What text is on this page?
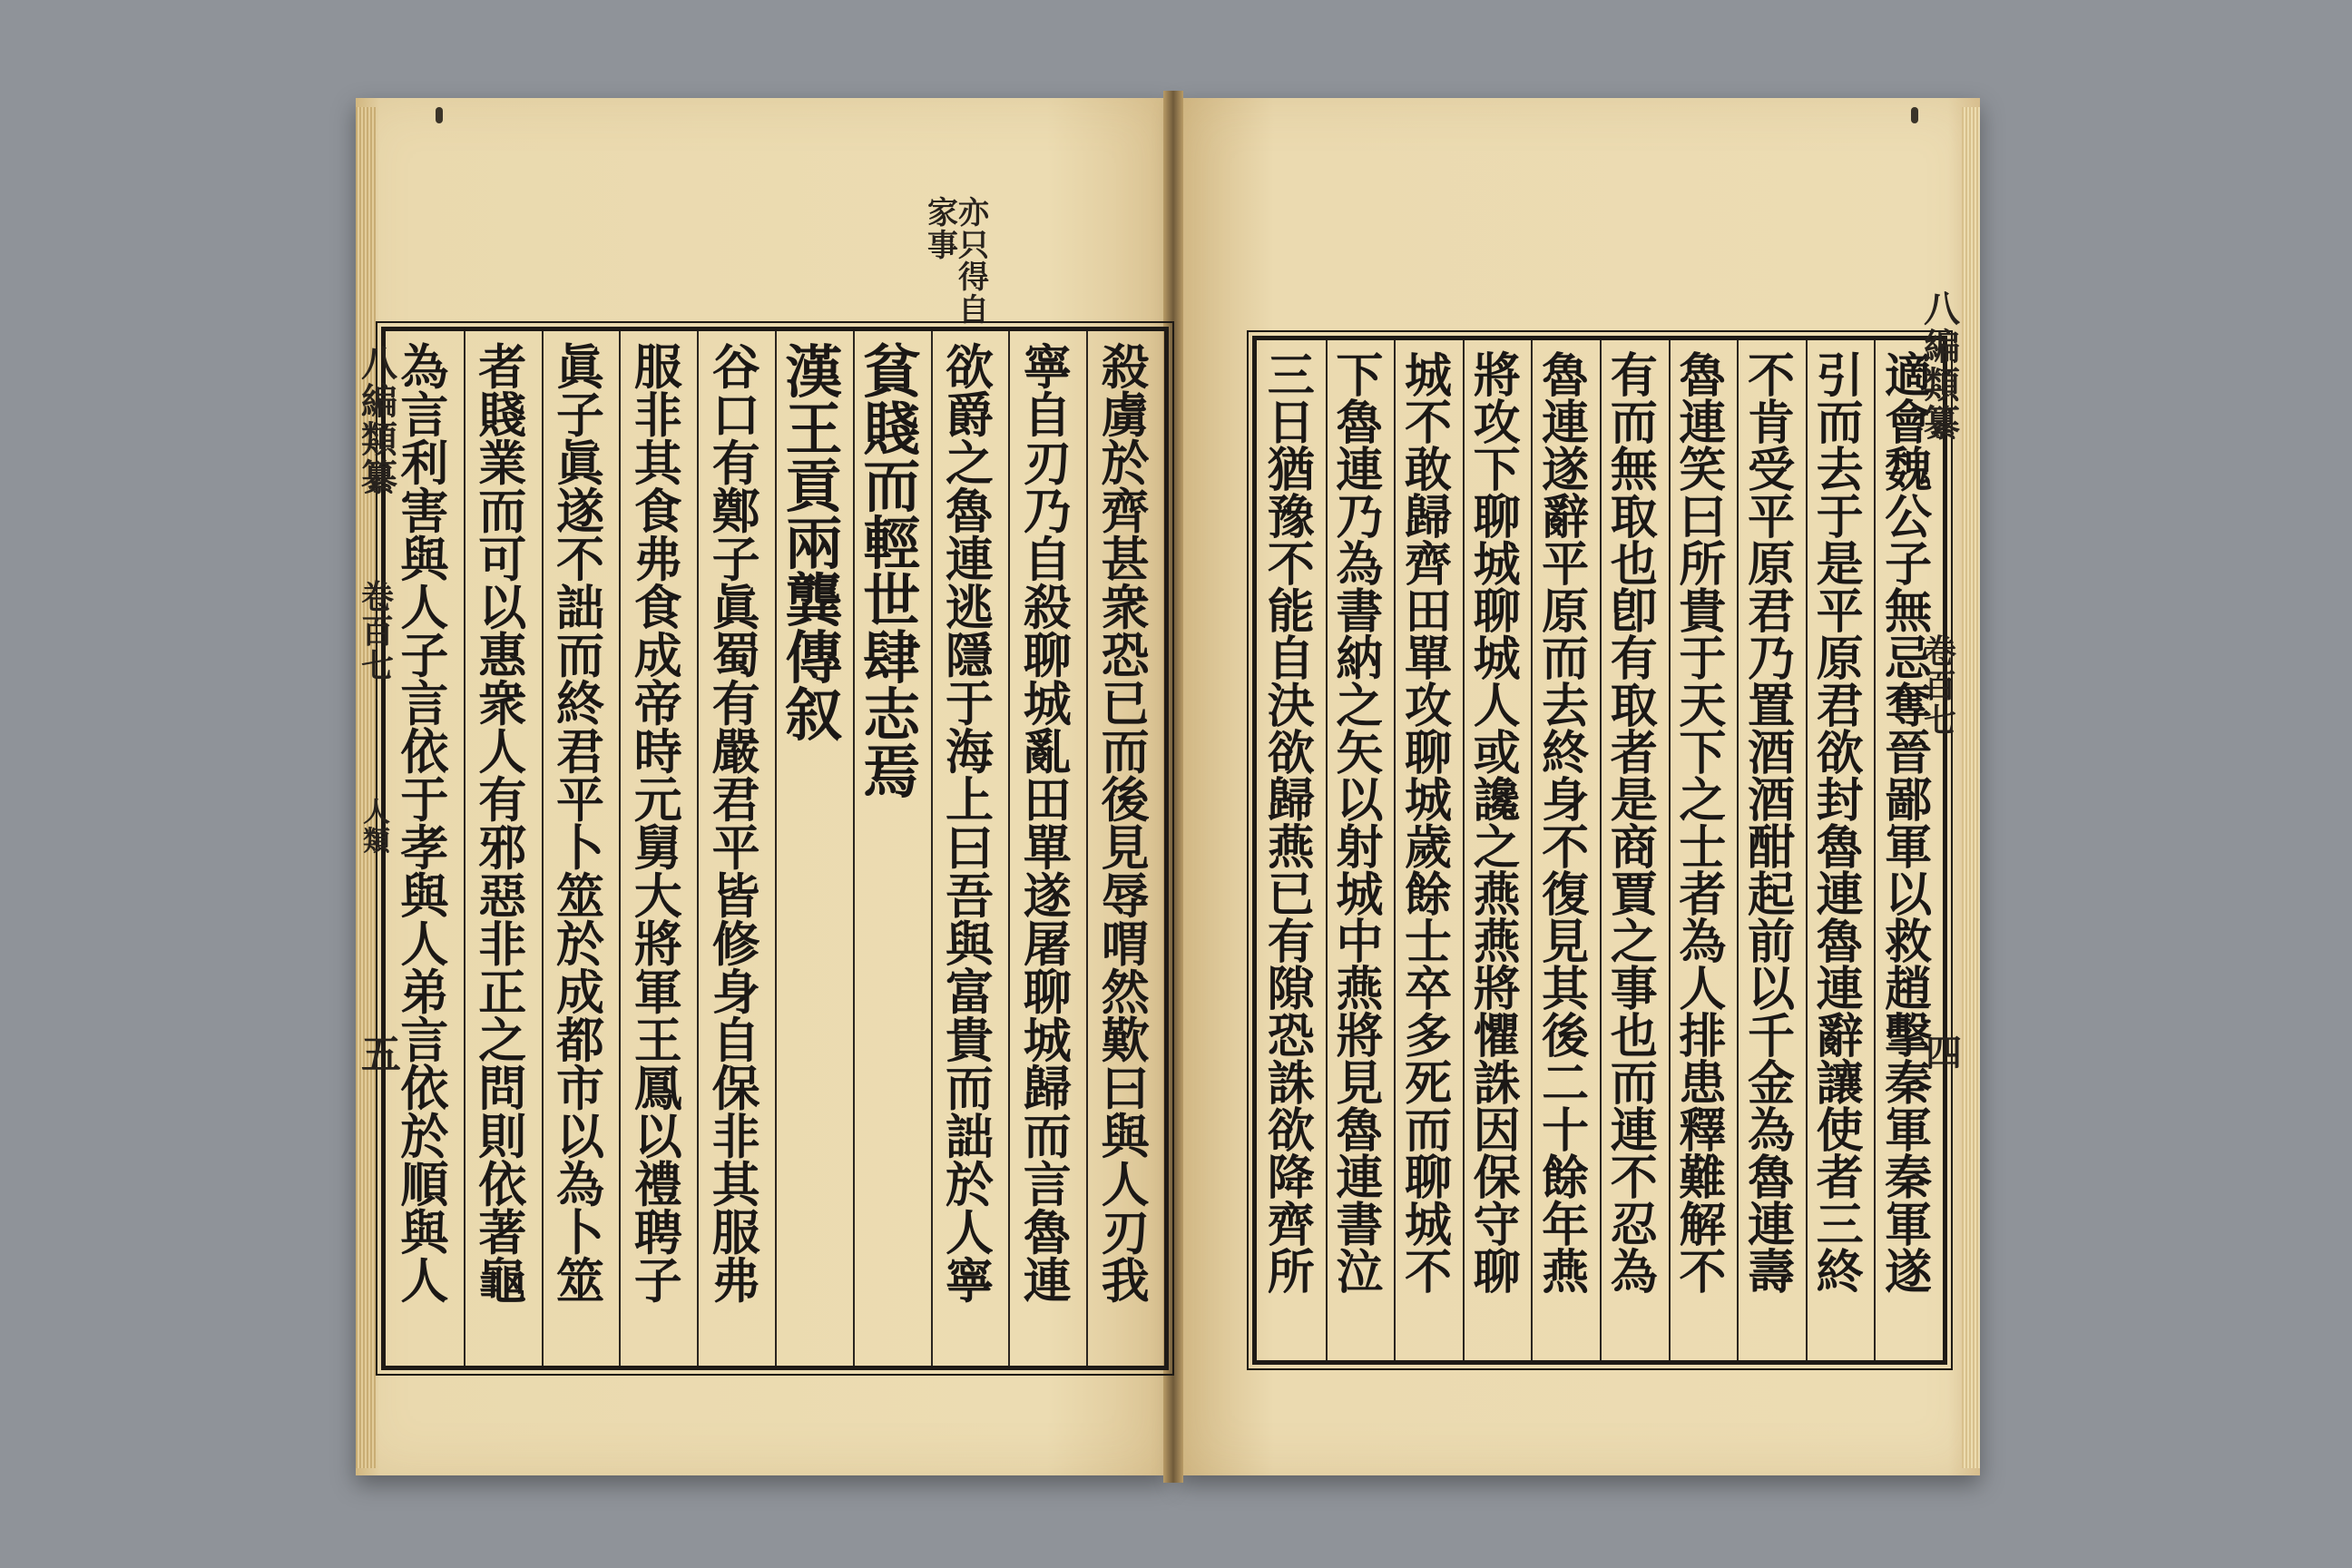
亦
只
得
自
家
事
殺
虜
於
齊
甚
衆
恐
已
而
後
見
辱
喟
然
歎
曰
與
人
刃
我
寧
自
刃
乃
自
殺
聊
城
亂
田
單
遂
屠
聊
城
歸
而
言
魯
連
欲
爵
之
魯
連
逃
隱
于
海
上
曰
吾
與
富
貴
而
詘
於
人
寧
貧
賤
而
輕
世
肆
志
焉
漢
王
貢
兩
龔
傳
叙
谷
口
有
鄭
子
眞
蜀
有
嚴
君
平
皆
修
身
自
保
非
其
服
弗
服
非
其
食
弗
食
成
帝
時
元
舅
大
將
軍
王
鳳
以
禮
聘
子
眞
子
眞
遂
不
詘
而
終
君
平
卜
筮
於
成
都
市
以
為
卜
筮
者
賤
業
而
可
以
惠
衆
人
有
邪
惡
非
正
之
問
則
依
著
龜
為
言
利
害
與
人
子
言
依
于
孝
與
人
弟
言
依
於
順
與
人
適
會
魏
公
子
無
忌
奪
晉
鄙
軍
以
救
趙
擊
秦
軍
秦
軍
遂
引
而
去
于
是
平
原
君
欲
封
魯
連
魯
連
辭
讓
使
者
三
終
不
肯
受
平
原
君
乃
置
酒
酒
酣
起
前
以
千
金
為
魯
連
壽
魯
連
笑
曰
所
貴
于
天
下
之
士
者
為
人
排
患
釋
難
解
不
有
而
無
取
也
卽
有
取
者
是
商
賈
之
事
也
而
連
不
忍
為
魯
連
遂
辭
平
原
而
去
終
身
不
復
見
其
後
二
十
餘
年
燕
將
攻
下
聊
城
聊
城
人
或
讒
之
燕
燕
將
懼
誅
因
保
守
聊
城
不
敢
歸
齊
田
單
攻
聊
城
歲
餘
士
卒
多
死
而
聊
城
不
下
魯
連
乃
為
書
納
之
矢
以
射
城
中
燕
將
見
魯
連
書
泣
三
日
猶
豫
不
能
自
決
欲
歸
燕
已
有
隙
恐
誅
欲
降
齊
所
八
編
類
纂
卷
百
七
人
類
五
八
編
類
纂
卷
百
七
四
